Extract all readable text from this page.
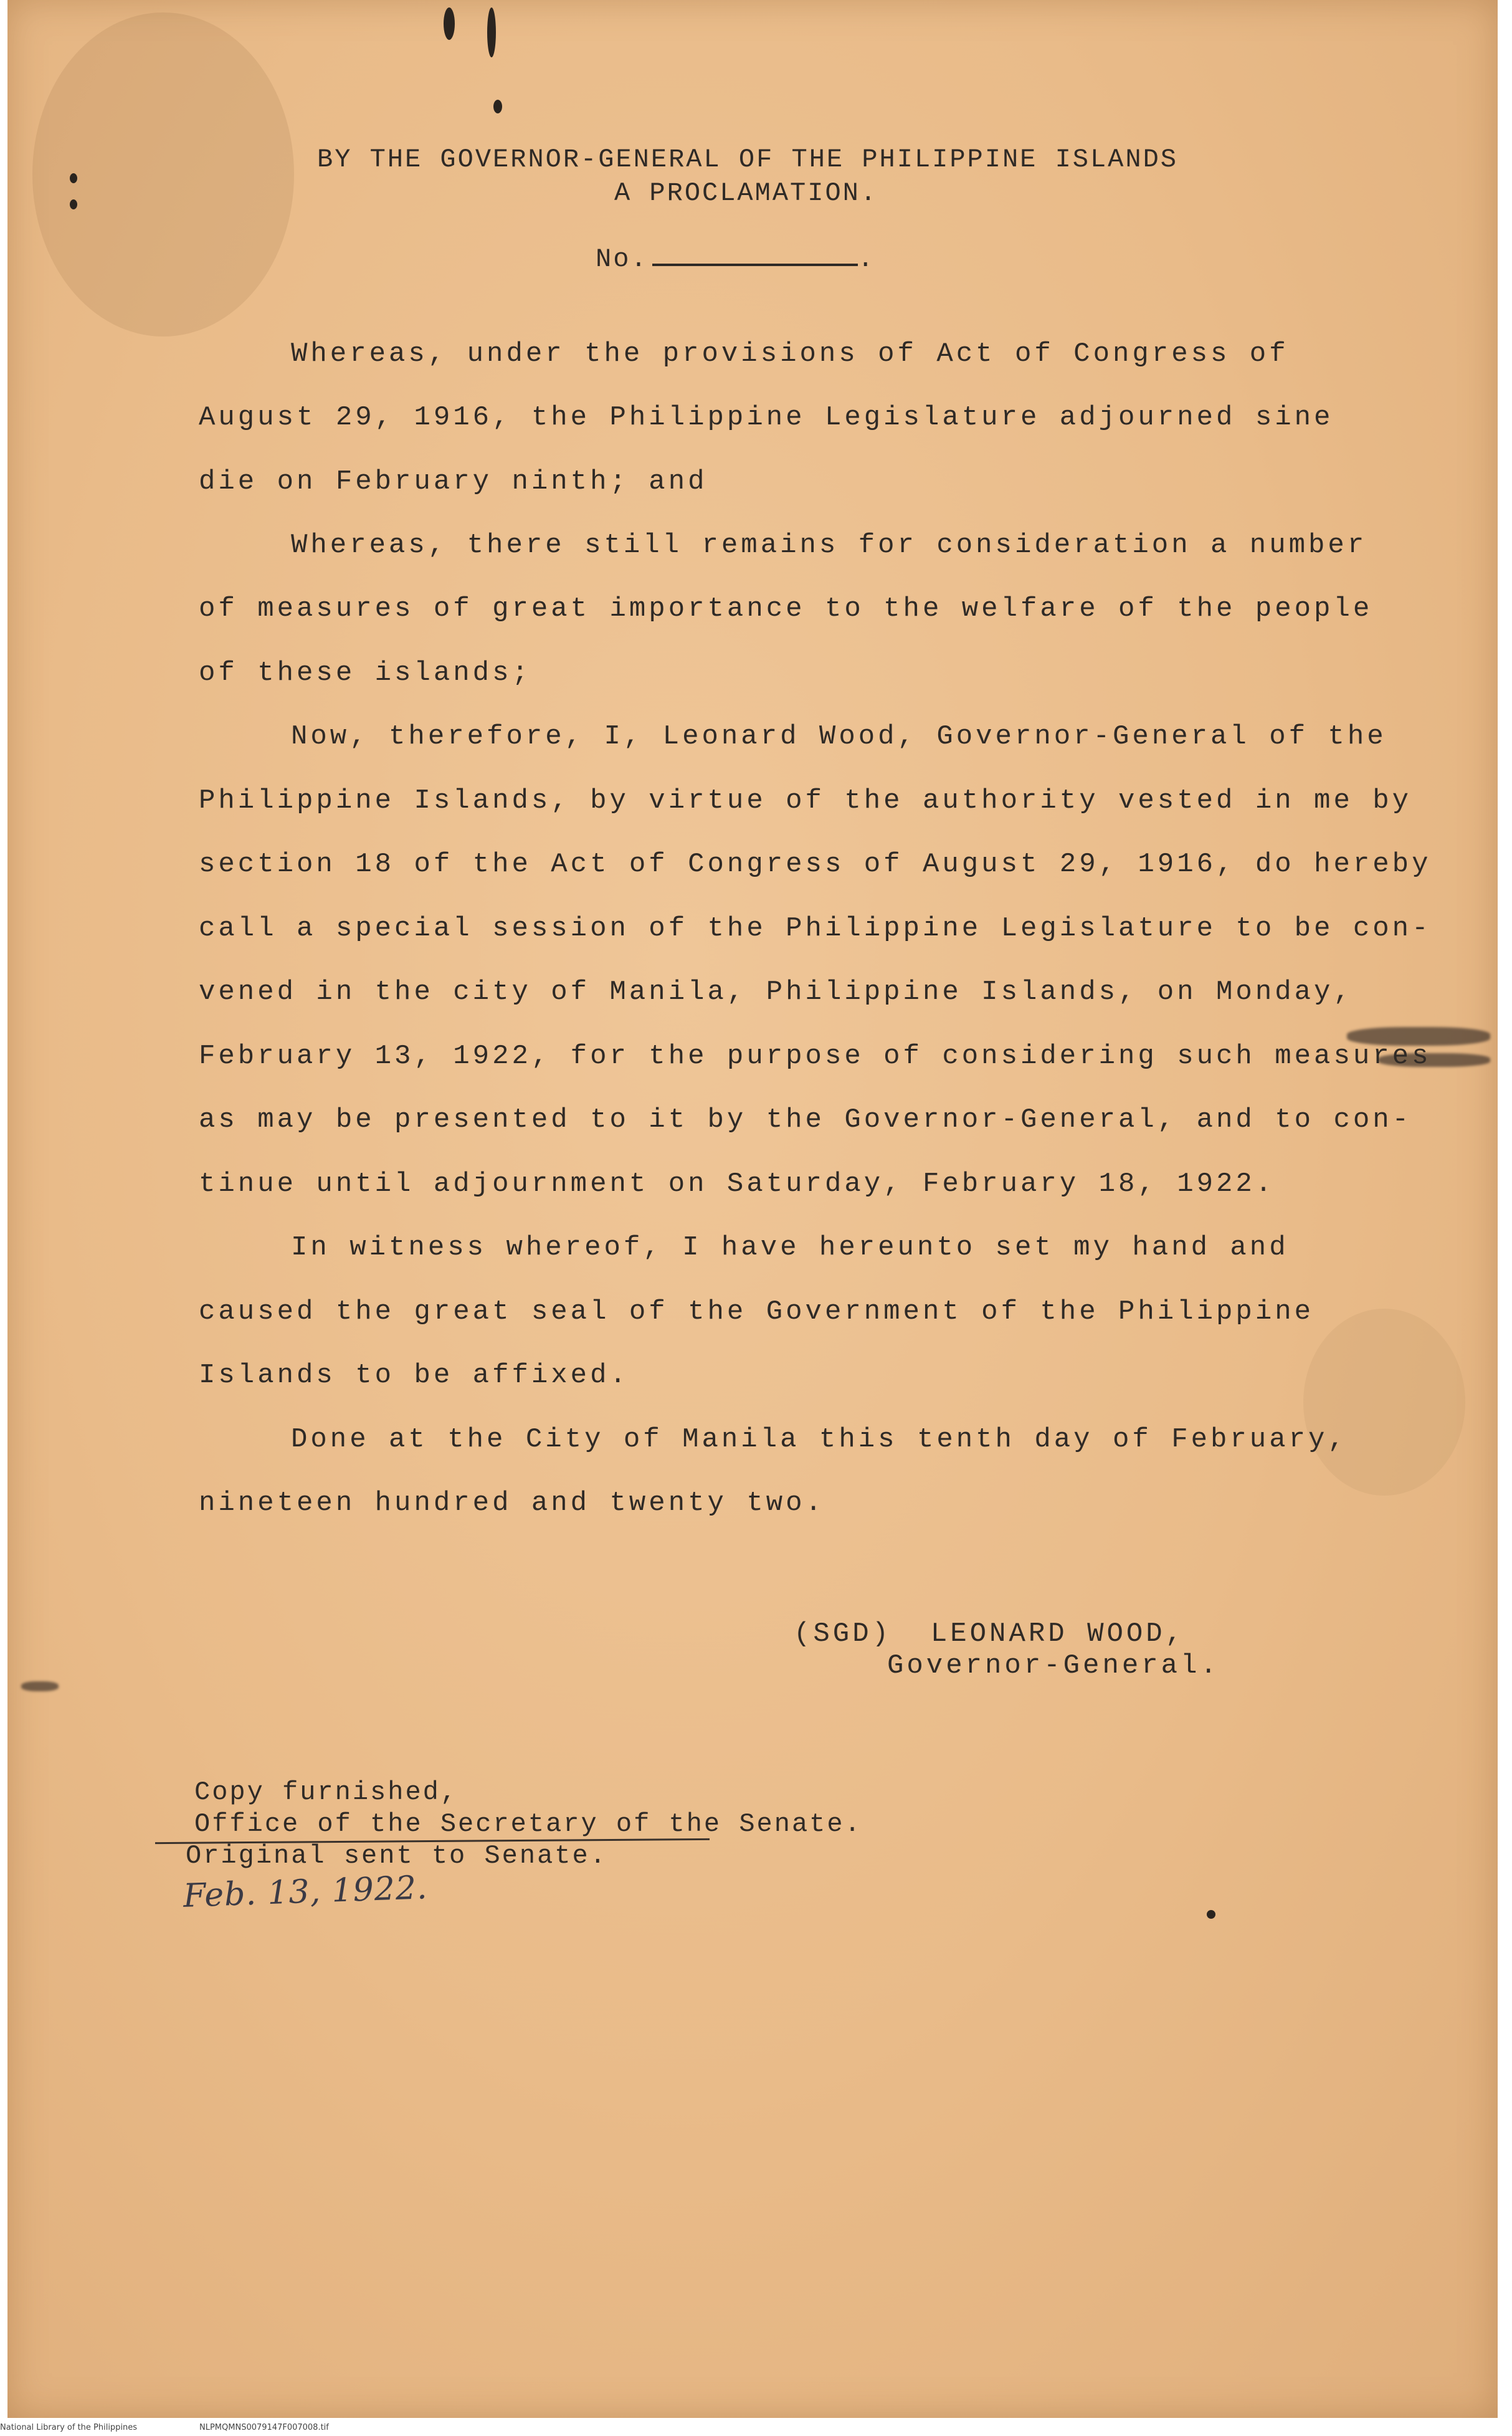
BY THE GOVERNOR-GENERAL OF THE PHILIPPINE ISLANDS
A PROCLAMATION.
No.	.
Whereas, under the provisions of Act of Congress of
August 29, 1916, the Philippine Legislature adjourned sine
die on February ninth; and
Whereas, there still remains for consideration a number
of measures of great importance to the welfare of the people
of these islands;
Now, therefore, I, Leonard Wood, Governor-General of the
Philippine Islands, by virtue of the authority vested in me by
section 18 of the Act of Congress of August 29, 1916, do hereby
call a special session of the Philippine Legislature to be con-
vened in the city of Manila, Philippine Islands, on Monday,
February 13, 1922, for the purpose of considering such measures
as may be presented to it by the Governor-General, and to con-
tinue until adjournment on Saturday, February 18, 1922.
In witness whereof, I have hereunto set my hand and
caused the great seal of the Government of the Philippine
Islands to be affixed.
Done at the City of Manila this tenth day of February,
nineteen hundred and twenty two.
(SGD)  LEONARD WOOD,
Governor-General.
Copy furnished,
Office of the Secretary of the Senate.
Original sent to Senate.
Feb. 13, 1922.
National Library of the Philippines	NLPMQMNS0079147F007008.tif
